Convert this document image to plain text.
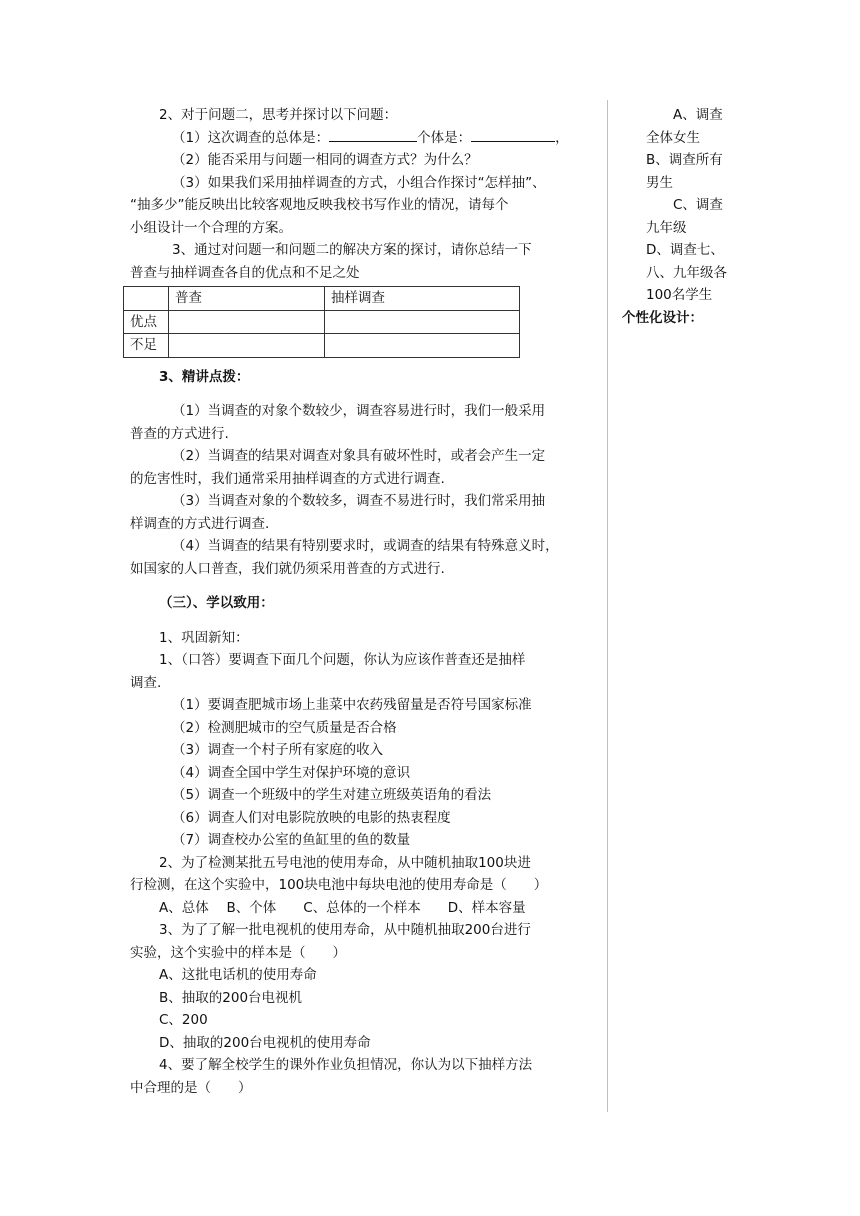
2、对于问题二，思考并探讨以下问题：

（1）这次调查的总体是：	个体是：	，

（2）能否采用与问题一相同的调查方式？为什么？

（3）如果我们采用抽样调查的方式，小组合作探讨“怎样抽”、

“抽多少”能反映出比较客观地反映我校书写作业的情况，请每个

小组设计一个合理的方案。

3、通过对问题一和问题二的解决方案的探讨，请你总结一下

普查与抽样调查各自的优点和不足之处

	普查	抽样调查
优点		
不足		

3、精讲点拨：

（1）当调查的对象个数较少，调查容易进行时，我们一般采用

普查的方式进行.

（2）当调查的结果对调查对象具有破坏性时，或者会产生一定

的危害性时，我们通常采用抽样调查的方式进行调查.

（3）当调查对象的个数较多，调查不易进行时，我们常采用抽

样调查的方式进行调查.

（4）当调查的结果有特别要求时，或调查的结果有特殊意义时，

如国家的人口普查，我们就仍须采用普查的方式进行.

（三）、学以致用：

1、巩固新知：

1、（口答）要调查下面几个问题，你认为应该作普查还是抽样

调查.

（1）要调查肥城市场上韭菜中农药残留量是否符号国家标准

（2）检测肥城市的空气质量是否合格

（3）调查一个村子所有家庭的收入

（4）调查全国中学生对保护环境的意识

（5）调查一个班级中的学生对建立班级英语角的看法

（6）调查人们对电影院放映的电影的热衷程度

（7）调查校办公室的鱼缸里的鱼的数量

2、为了检测某批五号电池的使用寿命，从中随机抽取100块进

行检测，在这个实验中，100块电池中每块电池的使用寿命是（　　）

A、总体　 B、个体　　C、总体的一个样本　　D、样本容量

3、为了了解一批电视机的使用寿命，从中随机抽取200台进行

实验，这个实验中的样本是（　　）

A、这批电话机的使用寿命

B、抽取的200台电视机

C、200

D、抽取的200台电视机的使用寿命

4、要了解全校学生的课外作业负担情况，你认为以下抽样方法

中合理的是（　　）

　　A、调查

全体女生

B、调查所有

男生

　　C、调查

九年级

D、调查七、

八、九年级各

100名学生

个性化设计：
